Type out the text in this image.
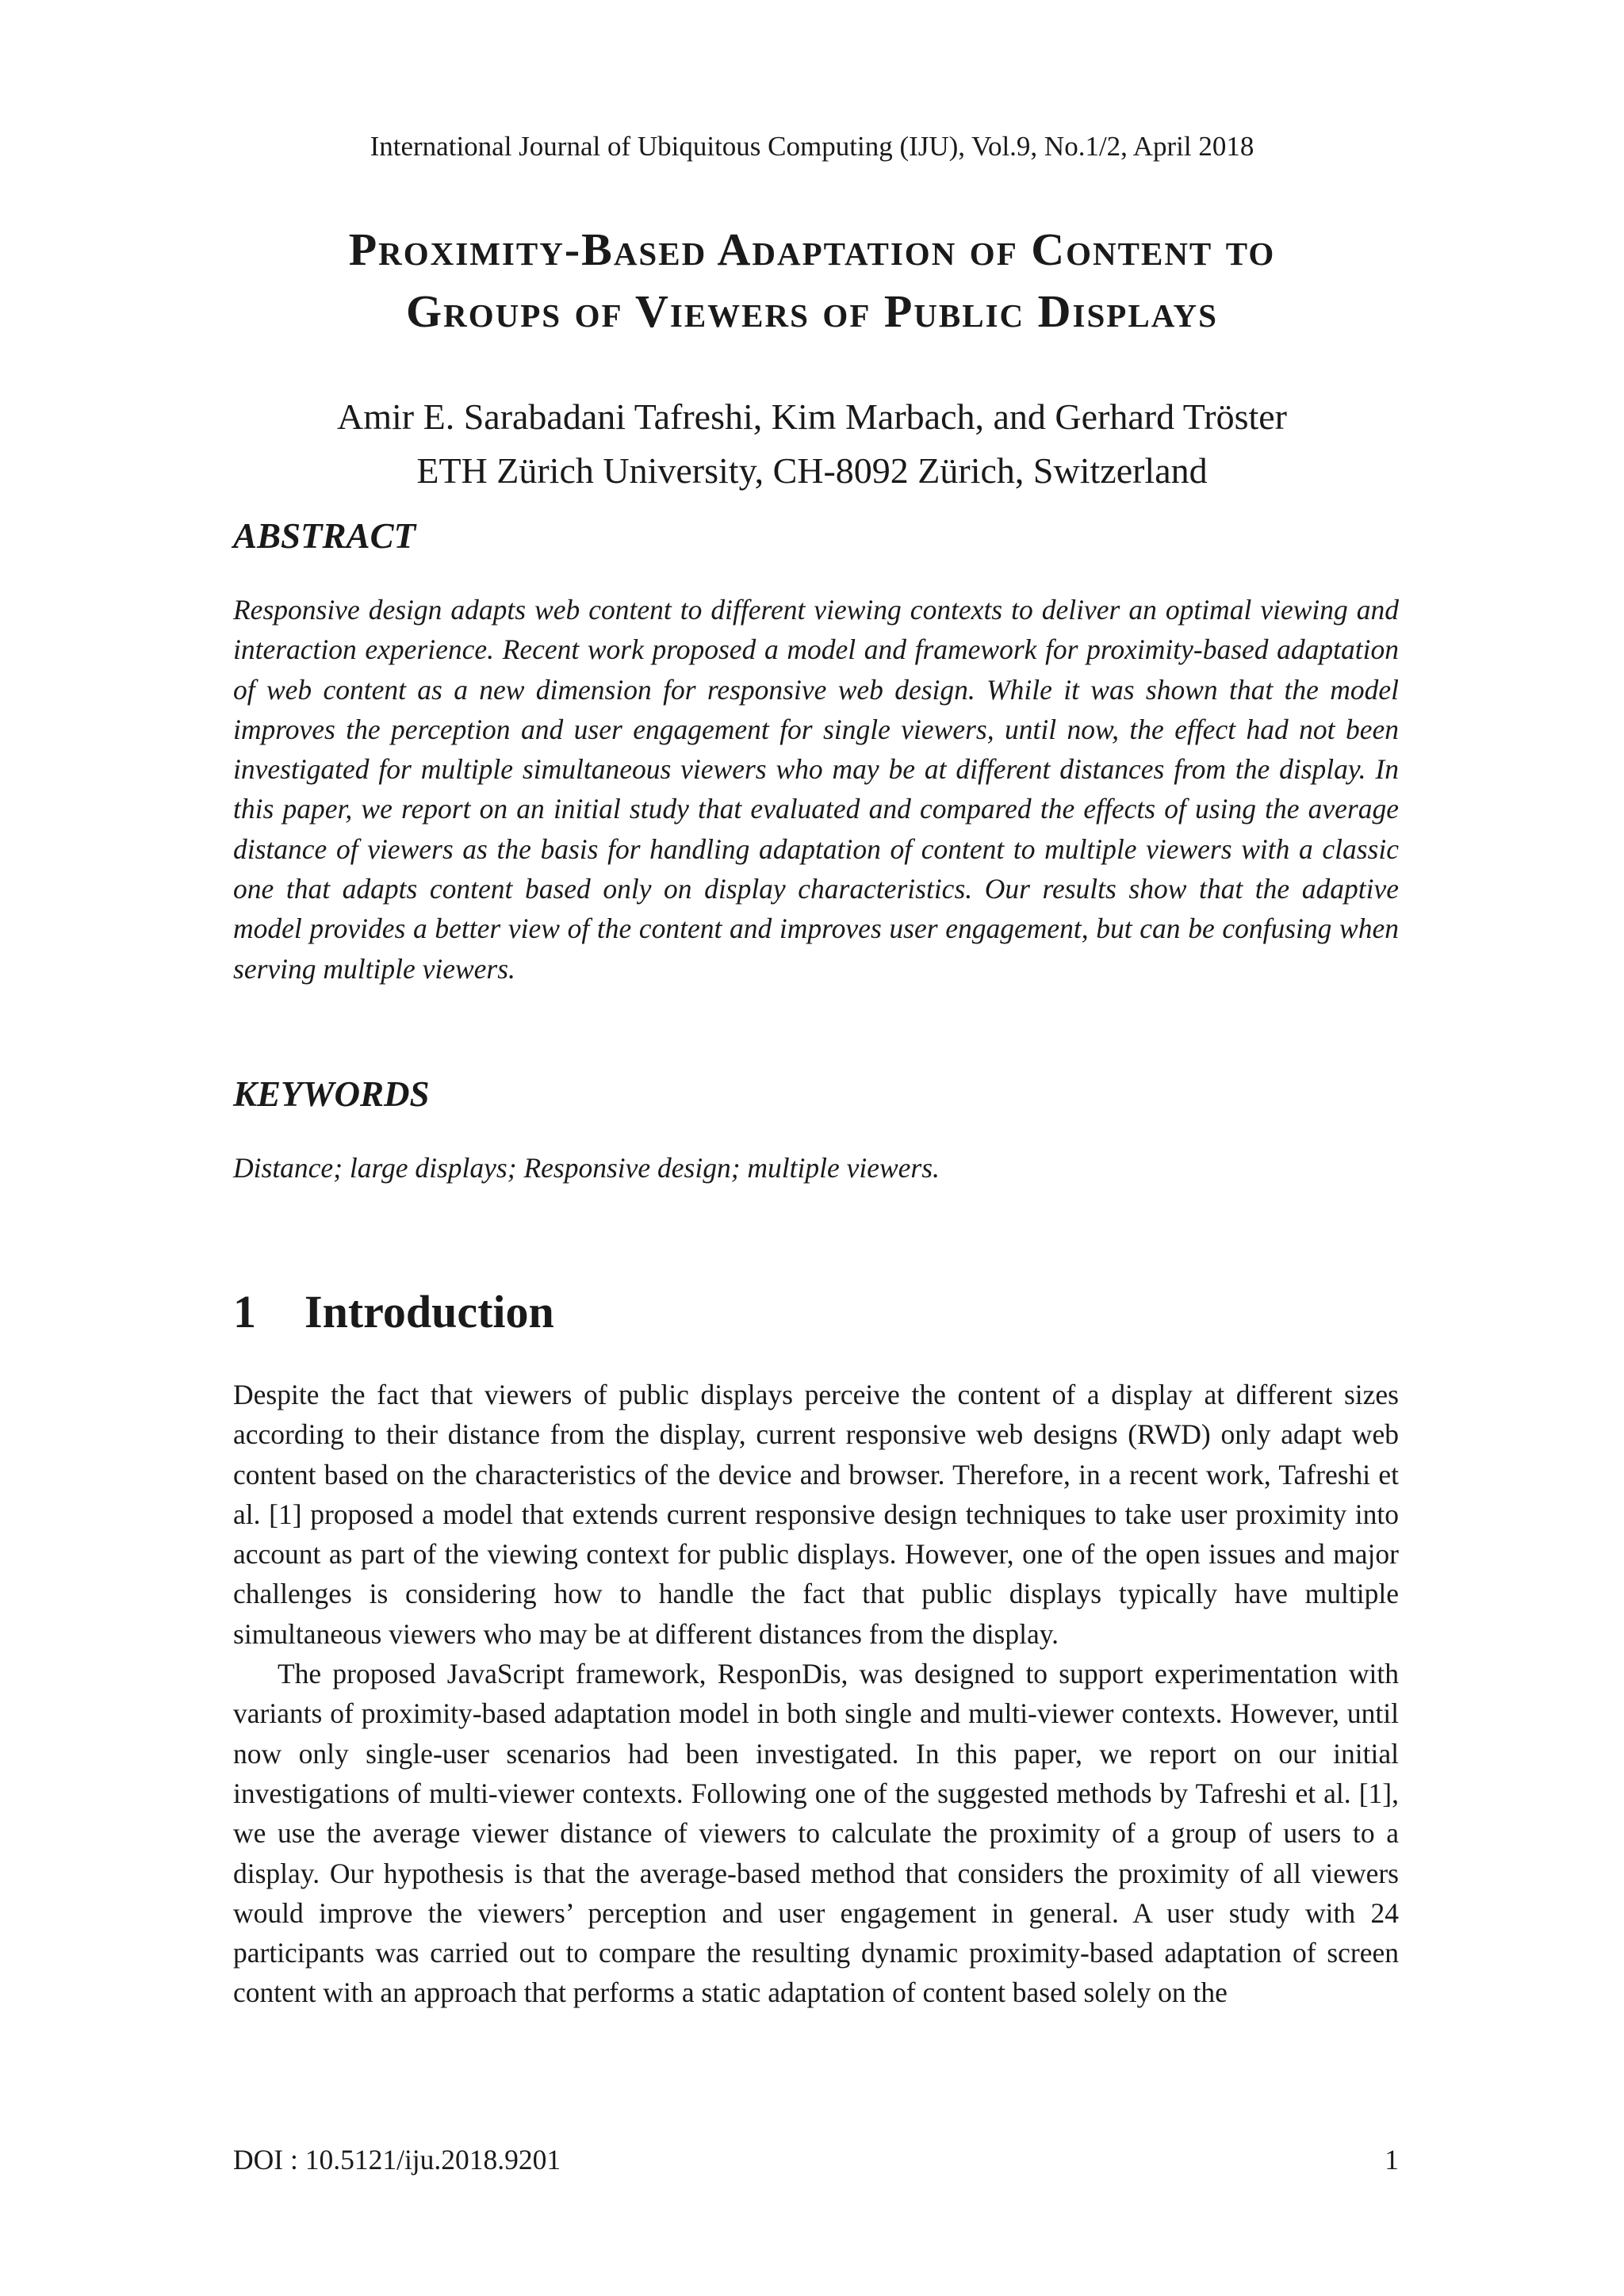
International Journal of Ubiquitous Computing (IJU), Vol.9, No.1/2, April 2018
Proximity-Based Adaptation of Content to
Groups of Viewers of Public Displays
Amir E. Sarabadani Tafreshi, Kim Marbach, and Gerhard Tröster
ETH Zürich University, CH-8092 Zürich, Switzerland
ABSTRACT

Responsive design adapts web content to different viewing contexts to deliver an optimal viewing and interaction experience. Recent work proposed a model and framework for proximity-based adaptation of web content as a new dimension for responsive web design. While it was shown that the model improves the perception and user engagement for single viewers, until now, the effect had not been investigated for multiple simultaneous viewers who may be at different distances from the display. In this paper, we report on an initial study that evaluated and compared the effects of using the average distance of viewers as the basis for handling adaptation of content to multiple viewers with a classic one that adapts content based only on display characteristics. Our results show that the adaptive model provides a better view of the content and improves user engagement, but can be confusing when serving multiple viewers.

KEYWORDS

Distance; large displays; Responsive design; multiple viewers.

1 Introduction

Despite the fact that viewers of public displays perceive the content of a display at different sizes according to their distance from the display, current responsive web designs (RWD) only adapt web content based on the characteristics of the device and browser. Therefore, in a recent work, Tafreshi et al. [1] proposed a model that extends current responsive design techniques to take user proximity into account as part of the viewing context for public displays. However, one of the open issues and major challenges is considering how to handle the fact that public displays typically have multiple simultaneous viewers who may be at different distances from the display.

The proposed JavaScript framework, ResponDis, was designed to support experimentation with variants of proximity-based adaptation model in both single and multi-viewer contexts. However, until now only single-user scenarios had been investigated. In this paper, we report on our initial investigations of multi-viewer contexts. Following one of the suggested methods by Tafreshi et al. [1], we use the average viewer distance of viewers to calculate the proximity of a group of users to a display. Our hypothesis is that the average-based method that considers the proximity of all viewers would improve the viewers’ perception and user engagement in general. A user study with 24 participants was carried out to compare the resulting dynamic proximity-based adaptation of screen content with an approach that performs a static adaptation of content based solely on the

DOI : 10.5121/iju.2018.9201	1
